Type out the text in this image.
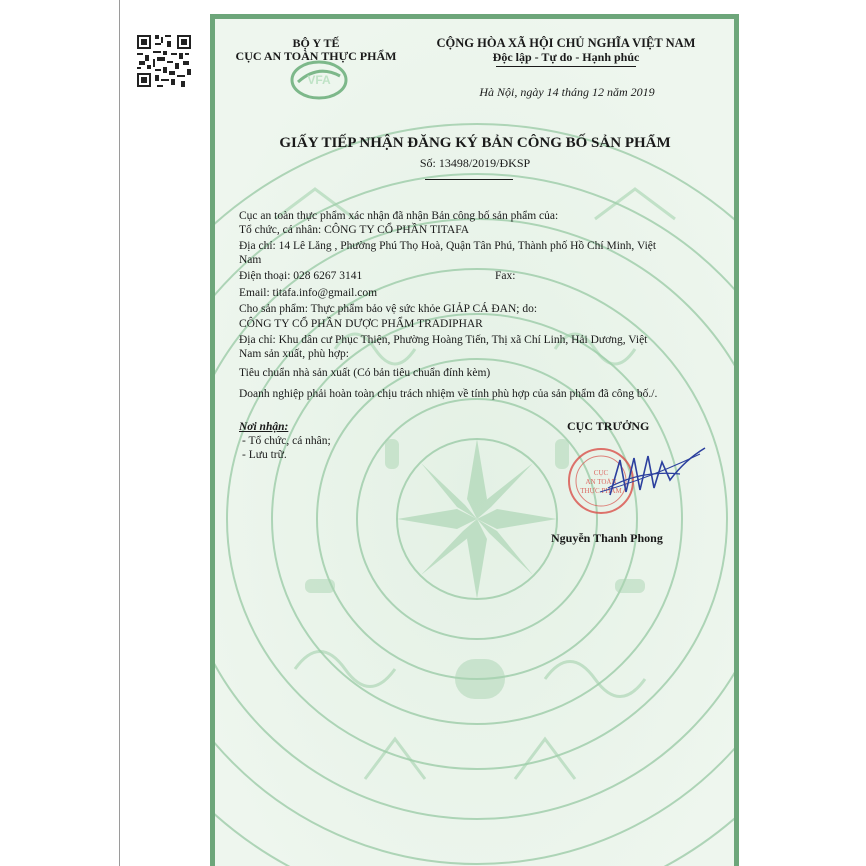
VFA
BỘ Y TẾ
CỤC AN TOÀN THỰC PHẨM
CỘNG HÒA XÃ HỘI CHỦ NGHĨA VIỆT NAM
Độc lập - Tự do - Hạnh phúc
Hà Nội, ngày 14 tháng 12 năm 2019
GIẤY TIẾP NHẬN ĐĂNG KÝ BẢN CÔNG BỐ SẢN PHẨM
Số: 13498/2019/ĐKSP
Cục an toàn thực phẩm xác nhận đã nhận Bản công bố sản phẩm của:
Tổ chức, cá nhân: CÔNG TY CỔ PHẦN TITAFA
Địa chỉ: 14 Lê Lăng , Phường Phú Thọ Hoà, Quận Tân Phú, Thành phố Hồ Chí Minh, Việt
Nam
Điện thoại: 028 6267 3141	Fax:
Email: titafa.info@gmail.com
Cho sản phẩm: Thực phẩm bảo vệ sức khỏe GIẢP CÁ ĐAN; do:
CÔNG TY CỔ PHẦN DƯỢC PHẨM TRADIPHAR
Địa chỉ: Khu dân cư Phục Thiện, Phường Hoàng Tiến, Thị xã Chí Linh, Hải Dương, Việt
Nam sản xuất, phù hợp:
Tiêu chuẩn nhà sản xuất (Có bản tiêu chuẩn đính kèm)
Doanh nghiệp phải hoàn toàn chịu trách nhiệm về tính phù hợp của sản phẩm đã công bố./.
Nơi nhận:
- Tổ chức, cá nhân;
- Lưu trữ.
CỤC TRƯỞNG
CỤC
AN TOÀN
THỰC PHẨM
Nguyễn Thanh Phong
